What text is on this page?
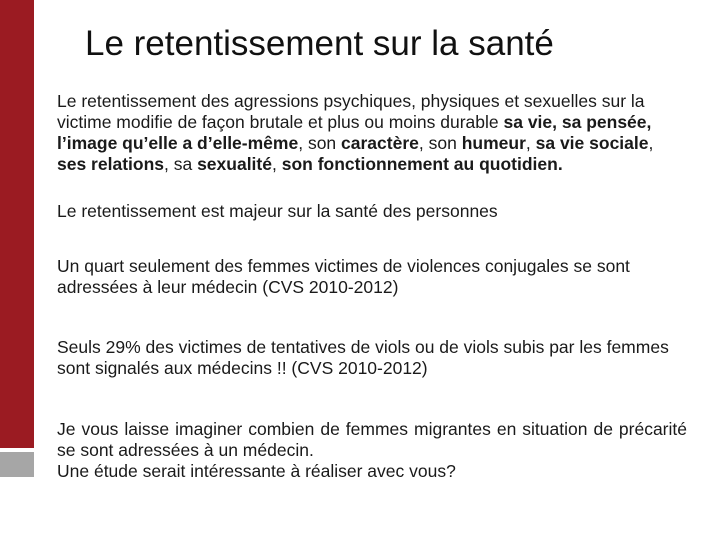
Le retentissement sur la santé

Le retentissement des agressions psychiques, physiques et sexuelles sur la victime modifie de façon brutale et plus ou moins durable sa vie, sa pensée, l’image qu’elle a d’elle-même, son caractère, son humeur, sa vie sociale, ses relations, sa sexualité, son fonctionnement au quotidien.

Le retentissement est majeur sur la santé des personnes

Un quart seulement des femmes victimes de violences conjugales se sont adressées à leur médecin (CVS 2010-2012)

Seuls 29% des victimes de tentatives de viols ou de viols subis par les femmes sont signalés aux médecins !! (CVS 2010-2012)

Je vous laisse imaginer combien de femmes migrantes en situation de précarité se sont adressées à un médecin.

Une étude serait intéressante à réaliser avec vous?
